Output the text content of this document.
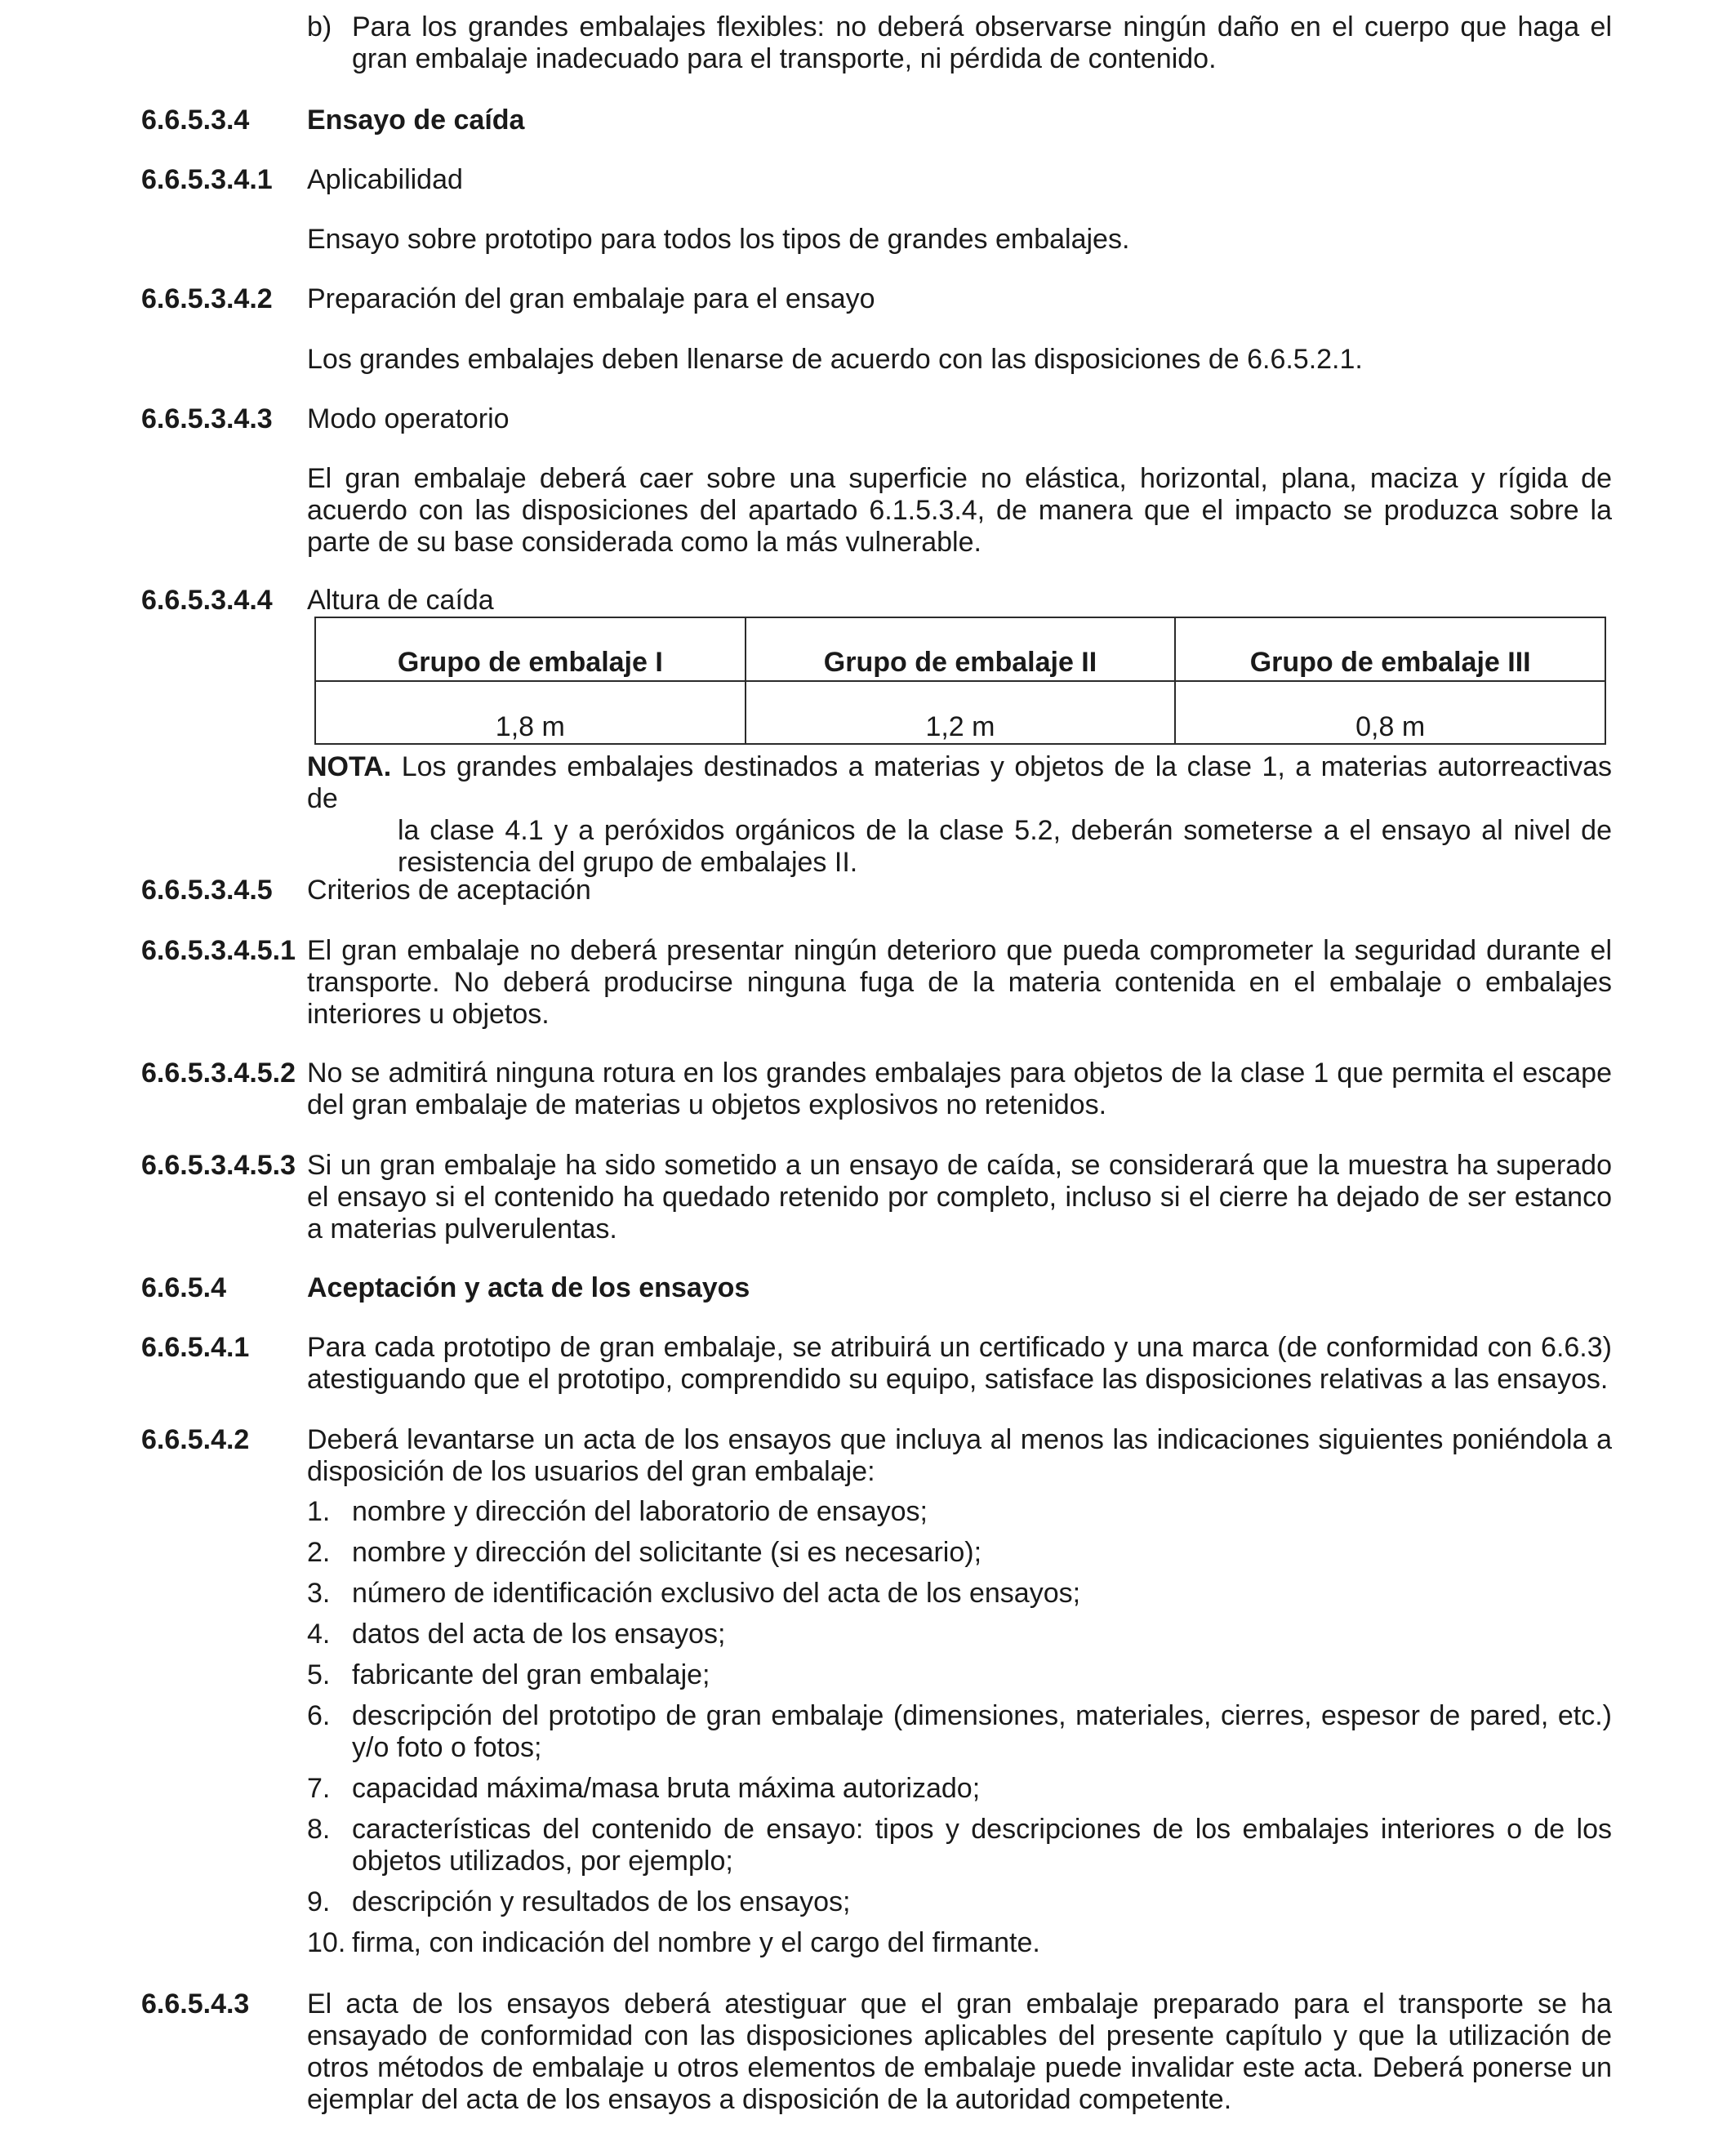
b) Para los grandes embalajes flexibles: no deberá observarse ningún daño en el cuerpo que haga el gran embalaje inadecuado para el transporte, ni pérdida de contenido.
6.6.5.3.4 Ensayo de caída
6.6.5.3.4.1 Aplicabilidad
Ensayo sobre prototipo para todos los tipos de grandes embalajes.
6.6.5.3.4.2 Preparación del gran embalaje para el ensayo
Los grandes embalajes deben llenarse de acuerdo con las disposiciones de 6.6.5.2.1.
6.6.5.3.4.3 Modo operatorio
El gran embalaje deberá caer sobre una superficie no elástica, horizontal, plana, maciza y rígida de acuerdo con las disposiciones del apartado 6.1.5.3.4, de manera que el impacto se produzca sobre la parte de su base considerada como la más vulnerable.
6.6.5.3.4.4 Altura de caída
Grupo de embalaje I	Grupo de embalaje II	Grupo de embalaje III
1,8 m	1,2 m	0,8 m
NOTA. Los grandes embalajes destinados a materias y objetos de la clase 1, a materias autorreactivas de
la clase 4.1 y a peróxidos orgánicos de la clase 5.2, deberán someterse a el ensayo al nivel de resistencia del grupo de embalajes II.
6.6.5.3.4.5 Criterios de aceptación
6.6.5.3.4.5.1 El gran embalaje no deberá presentar ningún deterioro que pueda comprometer la seguridad durante el transporte. No deberá producirse ninguna fuga de la materia contenida en el embalaje o embalajes interiores u objetos.
6.6.5.3.4.5.2 No se admitirá ninguna rotura en los grandes embalajes para objetos de la clase 1 que permita el escape del gran embalaje de materias u objetos explosivos no retenidos.
6.6.5.3.4.5.3 Si un gran embalaje ha sido sometido a un ensayo de caída, se considerará que la muestra ha superado el ensayo si el contenido ha quedado retenido por completo, incluso si el cierre ha dejado de ser estanco a materias pulverulentas.
6.6.5.4	Aceptación y acta de los ensayos
6.6.5.4.1 Para cada prototipo de gran embalaje, se atribuirá un certificado y una marca (de conformidad con 6.6.3) atestiguando que el prototipo, comprendido su equipo, satisface las disposiciones relativas a las ensayos.
6.6.5.4.2 Deberá levantarse un acta de los ensayos que incluya al menos las indicaciones siguientes poniéndola a disposición de los usuarios del gran embalaje:
1. nombre y dirección del laboratorio de ensayos;
2. nombre y dirección del solicitante (si es necesario);
3. número de identificación exclusivo del acta de los ensayos;
4. datos del acta de los ensayos;
5. fabricante del gran embalaje;
6. descripción del prototipo de gran embalaje (dimensiones, materiales, cierres, espesor de pared, etc.) y/o foto o fotos;
7. capacidad máxima/masa bruta máxima autorizado;
8. características del contenido de ensayo: tipos y descripciones de los embalajes interiores o de los objetos utilizados, por ejemplo;
9. descripción y resultados de los ensayos;
10. firma, con indicación del nombre y el cargo del firmante.
6.6.5.4.3 El acta de los ensayos deberá atestiguar que el gran embalaje preparado para el transporte se ha ensayado de conformidad con las disposiciones aplicables del presente capítulo y que la utilización de otros métodos de embalaje u otros elementos de embalaje puede invalidar este acta. Deberá ponerse un ejemplar del acta de los ensayos a disposición de la autoridad competente.
